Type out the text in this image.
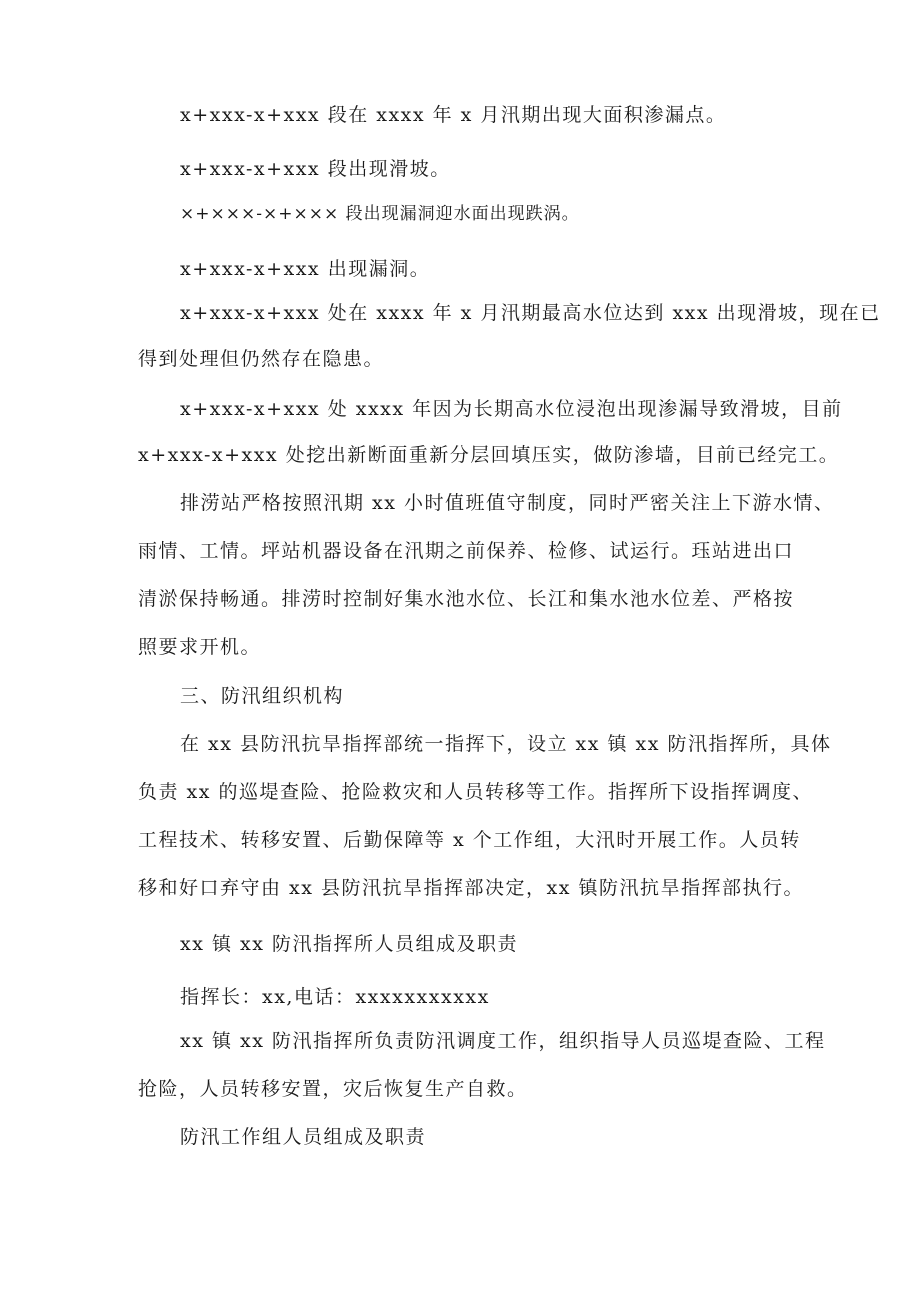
x+xxx-x+xxx 段在 xxxx 年 x 月汛期出现大面积渗漏点。
x+xxx-x+xxx 段出现滑坡。
×+×××-×+××× 段出现漏洞迎水面出现跌涡。
x+xxx-x+xxx 出现漏洞。
x+xxx-x+xxx 处在 xxxx 年 x 月汛期最高水位达到 xxx 出现滑坡，现在已
得到处理但仍然存在隐患。
x+xxx-x+xxx 处 xxxx 年因为长期高水位浸泡出现渗漏导致滑坡，目前
x+xxx-x+xxx 处挖出新断面重新分层回填压实，做防渗墙，目前已经完工。
排涝站严格按照汛期 xx 小时值班值守制度，同时严密关注上下游水情、
雨情、工情。坪站机器设备在汛期之前保养、检修、试运行。珏站进出口
清淤保持畅通。排涝时控制好集水池水位、长江和集水池水位差、严格按
照要求开机。
三、防汛组织机构
在 xx 县防汛抗旱指挥部统一指挥下，设立 xx 镇 xx 防汛指挥所，具体
负责 xx 的巡堤查险、抢险救灾和人员转移等工作。指挥所下设指挥调度、
工程技术、转移安置、后勤保障等 x 个工作组，大汛时开展工作。人员转
移和好口弃守由 xx 县防汛抗旱指挥部决定，xx 镇防汛抗旱指挥部执行。
xx 镇 xx 防汛指挥所人员组成及职责
指挥长：xx,电话：xxxxxxxxxxx
xx 镇 xx 防汛指挥所负责防汛调度工作，组织指导人员巡堤查险、工程
抢险，人员转移安置，灾后恢复生产自救。
防汛工作组人员组成及职责
